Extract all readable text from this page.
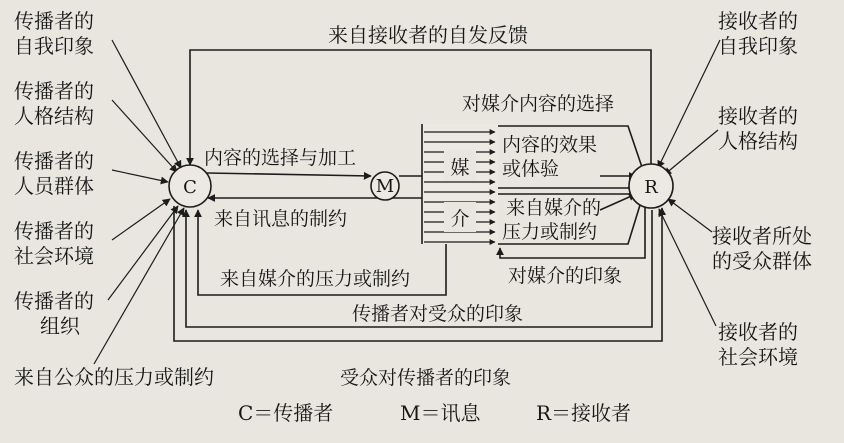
媒
介
C	M	R
传播者的
自我印象
传播者的
人格结构
传播者的
人员群体
传播者的
社会环境
传播者的
组织
来自公众的压力或制约
接收者的
自我印象
接收者的
人格结构
接收者所处
的受众群体
接收者的
社会环境
来自接收者的自发反馈
对媒介内容的选择
内容的选择与加工
来自讯息的制约
内容的效果
或体验
来自媒介的
压力或制约
来自媒介的压力或制约	对媒介的印象
传播者对受众的印象
受众对传播者的印象
C＝传播者	M＝讯息	R＝接收者
